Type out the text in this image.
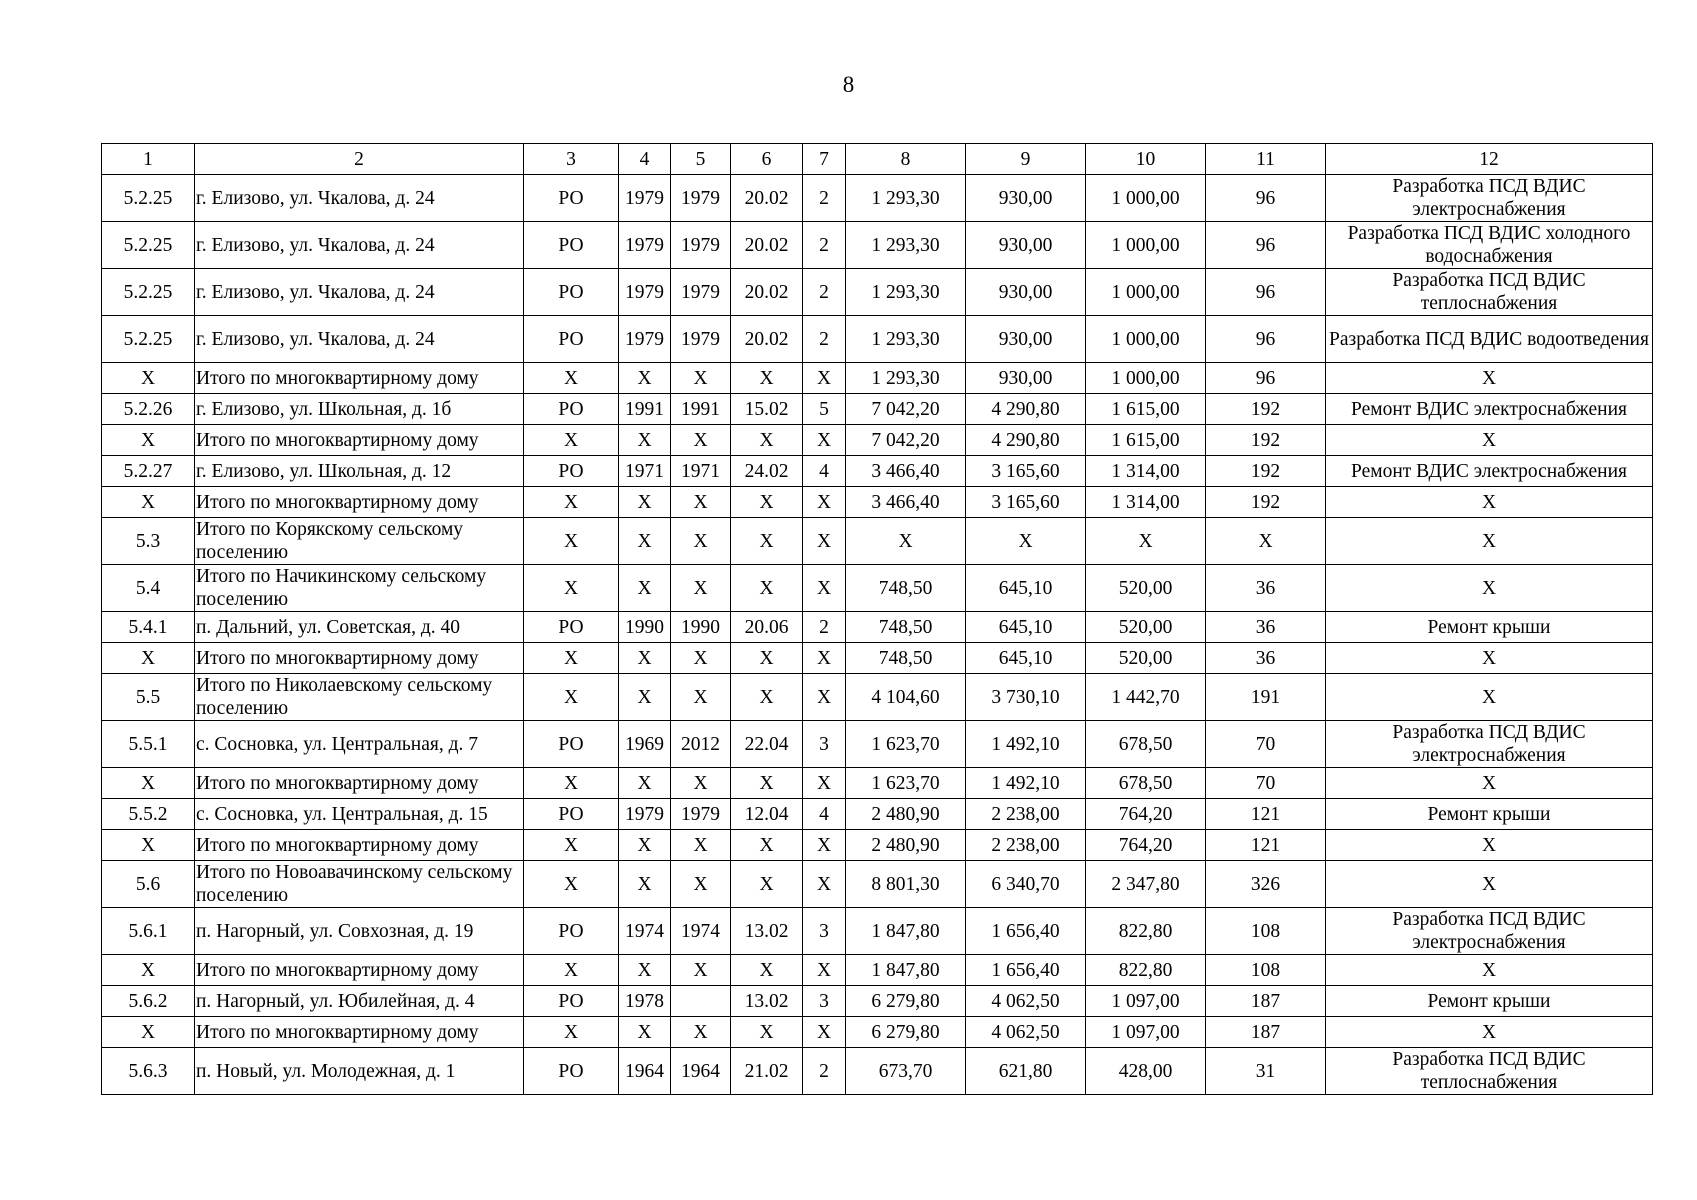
8
1	2	3	4	5	6	7	8	9	10	11	12
5.2.25	г. Елизово, ул. Чкалова, д. 24	РО	1979	1979	20.02	2	1 293,30	930,00	1 000,00	96	Разработка ПСД ВДИС электроснабжения
5.2.25	г. Елизово, ул. Чкалова, д. 24	РО	1979	1979	20.02	2	1 293,30	930,00	1 000,00	96	Разработка ПСД ВДИС холодного водоснабжения
5.2.25	г. Елизово, ул. Чкалова, д. 24	РО	1979	1979	20.02	2	1 293,30	930,00	1 000,00	96	Разработка ПСД ВДИС теплоснабжения
5.2.25	г. Елизово, ул. Чкалова, д. 24	РО	1979	1979	20.02	2	1 293,30	930,00	1 000,00	96	Разработка ПСД ВДИС водоотведения
X	Итого по многоквартирному дому	X	X	X	X	X	1 293,30	930,00	1 000,00	96	X
5.2.26	г. Елизово, ул. Школьная, д. 1б	РО	1991	1991	15.02	5	7 042,20	4 290,80	1 615,00	192	Ремонт ВДИС электроснабжения
X	Итого по многоквартирному дому	X	X	X	X	X	7 042,20	4 290,80	1 615,00	192	X
5.2.27	г. Елизово, ул. Школьная, д. 12	РО	1971	1971	24.02	4	3 466,40	3 165,60	1 314,00	192	Ремонт ВДИС электроснабжения
X	Итого по многоквартирному дому	X	X	X	X	X	3 466,40	3 165,60	1 314,00	192	X
5.3	Итого по Корякскому сельскому поселению	X	X	X	X	X	X	X	X	X	X
5.4	Итого по Начикинскому сельскому поселению	X	X	X	X	X	748,50	645,10	520,00	36	X
5.4.1	п. Дальний, ул. Советская, д. 40	РО	1990	1990	20.06	2	748,50	645,10	520,00	36	Ремонт крыши
X	Итого по многоквартирному дому	X	X	X	X	X	748,50	645,10	520,00	36	X
5.5	Итого по Николаевскому сельскому поселению	X	X	X	X	X	4 104,60	3 730,10	1 442,70	191	X
5.5.1	с. Сосновка, ул. Центральная, д. 7	РО	1969	2012	22.04	3	1 623,70	1 492,10	678,50	70	Разработка ПСД ВДИС электроснабжения
X	Итого по многоквартирному дому	X	X	X	X	X	1 623,70	1 492,10	678,50	70	X
5.5.2	с. Сосновка, ул. Центральная, д. 15	РО	1979	1979	12.04	4	2 480,90	2 238,00	764,20	121	Ремонт крыши
X	Итого по многоквартирному дому	X	X	X	X	X	2 480,90	2 238,00	764,20	121	X
5.6	Итого по Новоавачинскому сельскому поселению	X	X	X	X	X	8 801,30	6 340,70	2 347,80	326	X
5.6.1	п. Нагорный, ул. Совхозная, д. 19	РО	1974	1974	13.02	3	1 847,80	1 656,40	822,80	108	Разработка ПСД ВДИС электроснабжения
X	Итого по многоквартирному дому	X	X	X	X	X	1 847,80	1 656,40	822,80	108	X
5.6.2	п. Нагорный, ул. Юбилейная, д. 4	РО	1978		13.02	3	6 279,80	4 062,50	1 097,00	187	Ремонт крыши
X	Итого по многоквартирному дому	X	X	X	X	X	6 279,80	4 062,50	1 097,00	187	X
5.6.3	п. Новый, ул. Молодежная, д. 1	РО	1964	1964	21.02	2	673,70	621,80	428,00	31	Разработка ПСД ВДИС теплоснабжения
